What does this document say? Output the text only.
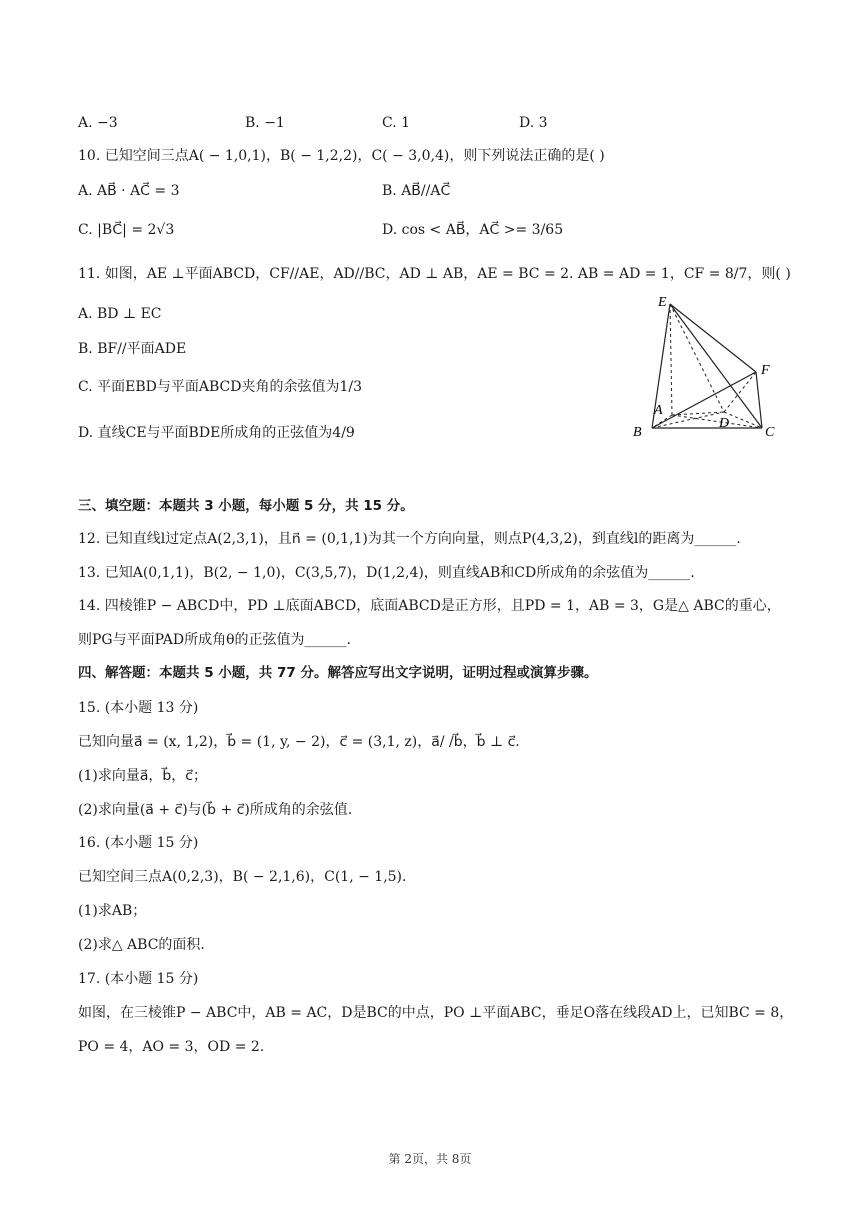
A. −3	B. −1	C. 1	D. 3
10. 已知空间三点A( − 1,0,1)，B( − 1,2,2)，C( − 3,0,4)，则下列说法正确的是( )
A. AB⃗ · AC⃗ = 3	B. AB⃗//AC⃗
C. |BC⃗| = 2√3	D. cos < AB⃗，AC⃗ >= 3/65
11. 如图，AE ⊥平面ABCD，CF//AE，AD//BC，AD ⊥ AB，AE = BC = 2. AB = AD = 1，CF = 8/7，则( )
A. BD ⊥ EC
B. BF//平面ADE
C. 平面EBD与平面ABCD夹角的余弦值为1/3
D. 直线CE与平面BDE所成角的正弦值为4/9
E
F
A
D
B	C
三、填空题：本题共 3 小题，每小题 5 分，共 15 分。
12. 已知直线l过定点A(2,3,1)，且n⃗ = (0,1,1)为其一个方向向量，则点P(4,3,2)，到直线l的距离为______.
13. 已知A(0,1,1)，B(2, − 1,0)，C(3,5,7)，D(1,2,4)，则直线AB和CD所成角的余弦值为______.
14. 四棱锥P − ABCD中，PD ⊥底面ABCD，底面ABCD是正方形，且PD = 1，AB = 3，G是△ ABC的重心，
则PG与平面PAD所成角θ的正弦值为______.
四、解答题：本题共 5 小题，共 77 分。解答应写出文字说明，证明过程或演算步骤。
15. (本小题 13 分)
已知向量a⃗ = (x, 1,2)，b⃗ = (1, y, − 2)，c⃗ = (3,1, z)，a⃗/ /b⃗，b⃗ ⊥ c⃗.
(1)求向量a⃗，b⃗，c⃗；
(2)求向量(a⃗ + c⃗)与(b⃗ + c⃗)所成角的余弦值.
16. (本小题 15 分)
已知空间三点A(0,2,3)，B( − 2,1,6)，C(1, − 1,5).
(1)求AB；
(2)求△ ABC的面积.
17. (本小题 15 分)
如图，在三棱锥P − ABC中，AB = AC，D是BC的中点，PO ⊥平面ABC，垂足O落在线段AD上，已知BC = 8，
PO = 4，AO = 3，OD = 2.
第 2页，共 8页
